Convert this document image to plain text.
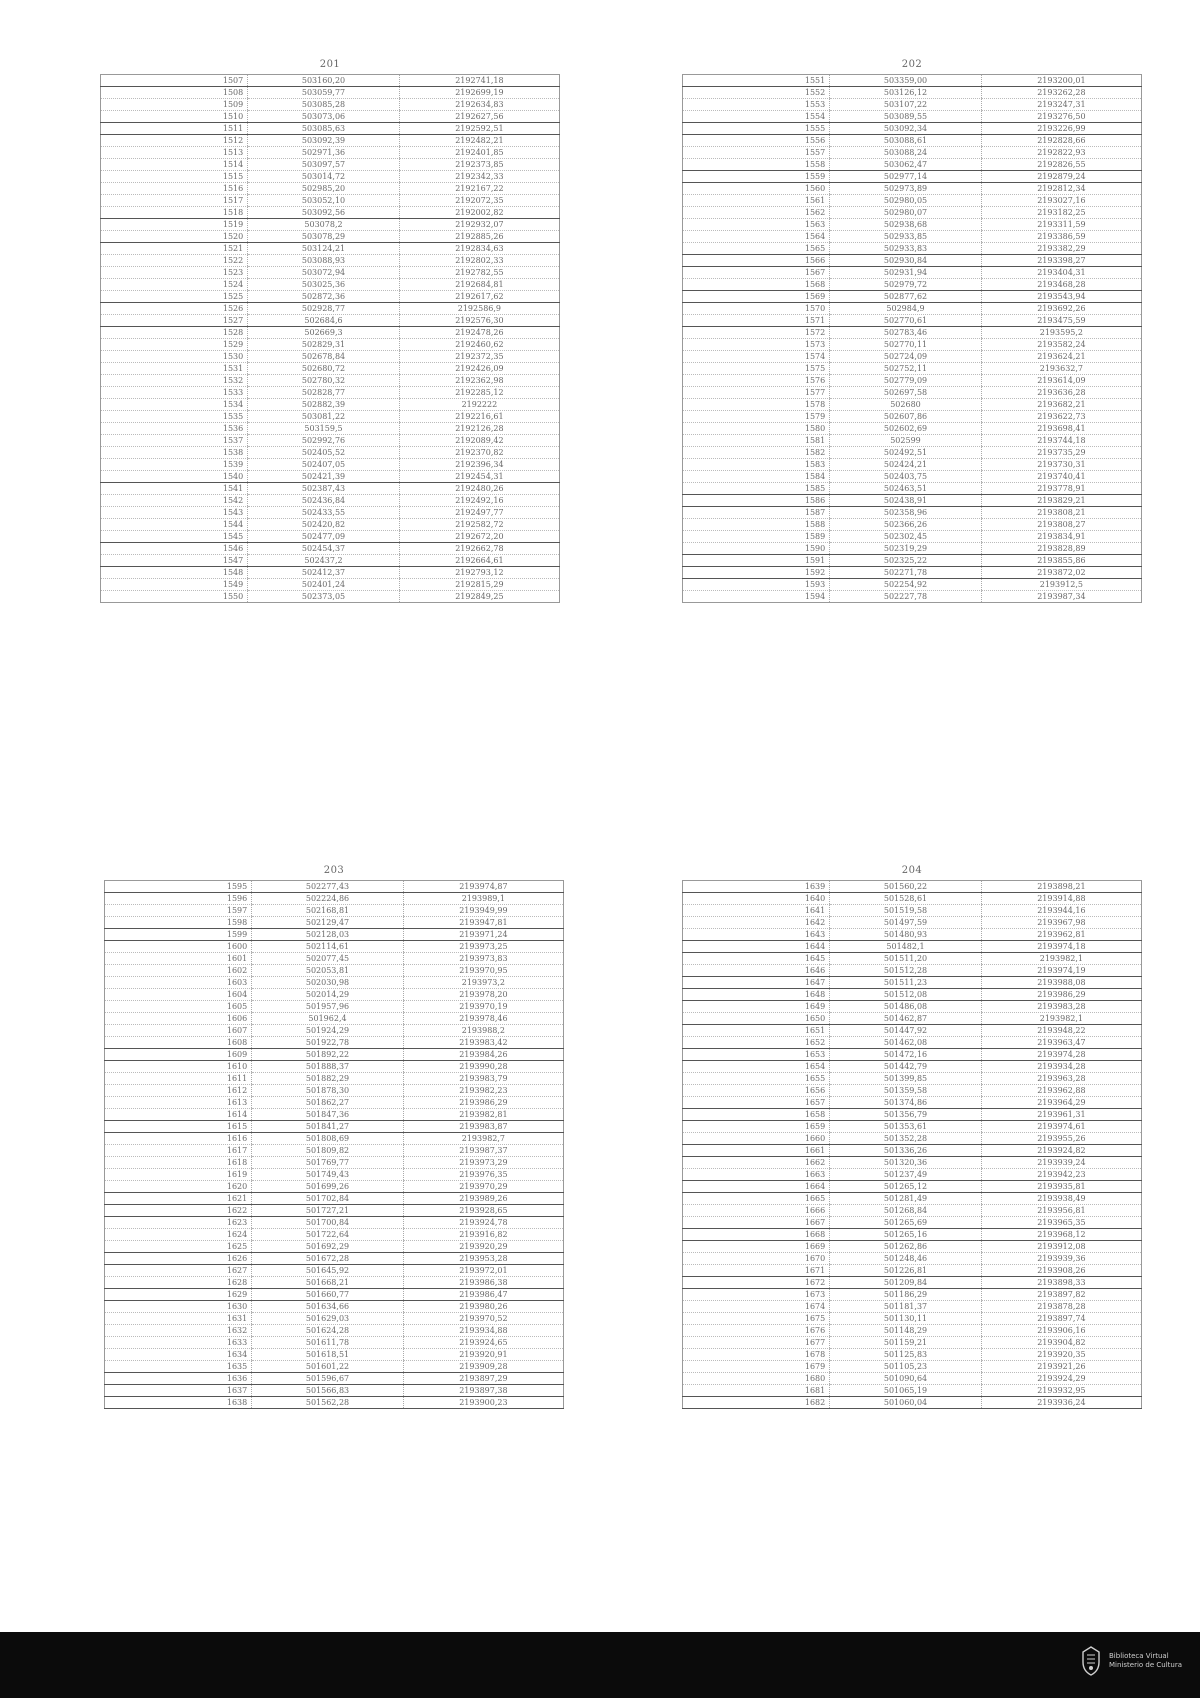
201
1507	503160,20	2192741,18
1508	503059,77	2192699,19
1509	503085,28	2192634,83
1510	503073,06	2192627,56
1511	503085,63	2192592,51
1512	503092,39	2192482,21
1513	502971,36	2192401,85
1514	503097,57	2192373,85
1515	503014,72	2192342,33
1516	502985,20	2192167,22
1517	503052,10	2192072,35
1518	503092,56	2192002,82
1519	503078,2	2192932,07
1520	503078,29	2192885,26
1521	503124,21	2192834,63
1522	503088,93	2192802,33
1523	503072,94	2192782,55
1524	503025,36	2192684,81
1525	502872,36	2192617,62
1526	502928,77	2192586,9
1527	502684,6	2192576,30
1528	502669,3	2192478,26
1529	502829,31	2192460,62
1530	502678,84	2192372,35
1531	502680,72	2192426,09
1532	502780,32	2192362,98
1533	502828,77	2192285,12
1534	502882,39	2192222
1535	503081,22	2192216,61
1536	503159,5	2192126,28
1537	502992,76	2192089,42
1538	502405,52	2192370,82
1539	502407,05	2192396,34
1540	502421,39	2192454,31
1541	502387,43	2192480,26
1542	502436,84	2192492,16
1543	502433,55	2192497,77
1544	502420,82	2192582,72
1545	502477,09	2192672,20
1546	502454,37	2192662,78
1547	502437,2	2192664,61
1548	502412,37	2192793,12
1549	502401,24	2192815,29
1550	502373,05	2192849,25
202
1551	503359,00	2193200,01
1552	503126,12	2193262,28
1553	503107,22	2193247,31
1554	503089,55	2193276,50
1555	503092,34	2193226,99
1556	503088,61	2192828,66
1557	503088,24	2192822,93
1558	503062,47	2192826,55
1559	502977,14	2192879,24
1560	502973,89	2192812,34
1561	502980,05	2193027,16
1562	502980,07	2193182,25
1563	502938,68	2193311,59
1564	502933,85	2193386,59
1565	502933,83	2193382,29
1566	502930,84	2193398,27
1567	502931,94	2193404,31
1568	502979,72	2193468,28
1569	502877,62	2193543,94
1570	502984,9	2193692,26
1571	502770,61	2193475,59
1572	502783,46	2193595,2
1573	502770,11	2193582,24
1574	502724,09	2193624,21
1575	502752,11	2193632,7
1576	502779,09	2193614,09
1577	502697,58	2193636,28
1578	502680	2193682,21
1579	502607,86	2193622,73
1580	502602,69	2193698,41
1581	502599	2193744,18
1582	502492,51	2193735,29
1583	502424,21	2193730,31
1584	502403,75	2193740,41
1585	502463,51	2193778,91
1586	502438,91	2193829,21
1587	502358,96	2193808,21
1588	502366,26	2193808,27
1589	502302,45	2193834,91
1590	502319,29	2193828,89
1591	502325,22	2193855,86
1592	502271,78	2193872,02
1593	502254,92	2193912,5
1594	502227,78	2193987,34
203
1595	502277,43	2193974,87
1596	502224,86	2193989,1
1597	502168,81	2193949,99
1598	502129,47	2193947,81
1599	502128,03	2193971,24
1600	502114,61	2193973,25
1601	502077,45	2193973,83
1602	502053,81	2193970,95
1603	502030,98	2193973,2
1604	502014,29	2193978,20
1605	501957,96	2193970,19
1606	501962,4	2193978,46
1607	501924,29	2193988,2
1608	501922,78	2193983,42
1609	501892,22	2193984,26
1610	501888,37	2193990,28
1611	501882,29	2193983,79
1612	501878,30	2193982,23
1613	501862,27	2193986,29
1614	501847,36	2193982,81
1615	501841,27	2193983,87
1616	501808,69	2193982,7
1617	501809,82	2193987,37
1618	501769,77	2193973,29
1619	501749,43	2193976,35
1620	501699,26	2193970,29
1621	501702,84	2193989,26
1622	501727,21	2193928,65
1623	501700,84	2193924,78
1624	501722,64	2193916,82
1625	501692,29	2193920,29
1626	501672,28	2193953,28
1627	501645,92	2193972,01
1628	501668,21	2193986,38
1629	501660,77	2193986,47
1630	501634,66	2193980,26
1631	501629,03	2193970,52
1632	501624,28	2193934,88
1633	501611,78	2193924,65
1634	501618,51	2193920,91
1635	501601,22	2193909,28
1636	501596,67	2193897,29
1637	501566,83	2193897,38
1638	501562,28	2193900,23
204
1639	501560,22	2193898,21
1640	501528,61	2193914,88
1641	501519,58	2193944,16
1642	501497,59	2193967,98
1643	501480,93	2193962,81
1644	501482,1	2193974,18
1645	501511,20	2193982,1
1646	501512,28	2193974,19
1647	501511,23	2193988,08
1648	501512,08	2193986,29
1649	501486,08	2193983,28
1650	501462,87	2193982,1
1651	501447,92	2193948,22
1652	501462,08	2193963,47
1653	501472,16	2193974,28
1654	501442,79	2193934,28
1655	501399,85	2193963,28
1656	501359,58	2193962,88
1657	501374,86	2193964,29
1658	501356,79	2193961,31
1659	501353,61	2193974,61
1660	501352,28	2193955,26
1661	501336,26	2193924,82
1662	501320,36	2193939,24
1663	501237,49	2193942,23
1664	501265,12	2193935,81
1665	501281,49	2193938,49
1666	501268,84	2193956,81
1667	501265,69	2193965,35
1668	501265,16	2193968,12
1669	501262,86	2193912,08
1670	501248,46	2193939,36
1671	501226,81	2193908,26
1672	501209,84	2193898,33
1673	501186,29	2193897,82
1674	501181,37	2193878,28
1675	501130,11	2193897,74
1676	501148,29	2193906,16
1677	501159,21	2193904,82
1678	501125,83	2193920,35
1679	501105,23	2193921,26
1680	501090,64	2193924,29
1681	501065,19	2193932,95
1682	501060,04	2193936,24
Biblioteca Virtual
Ministerio de Cultura
